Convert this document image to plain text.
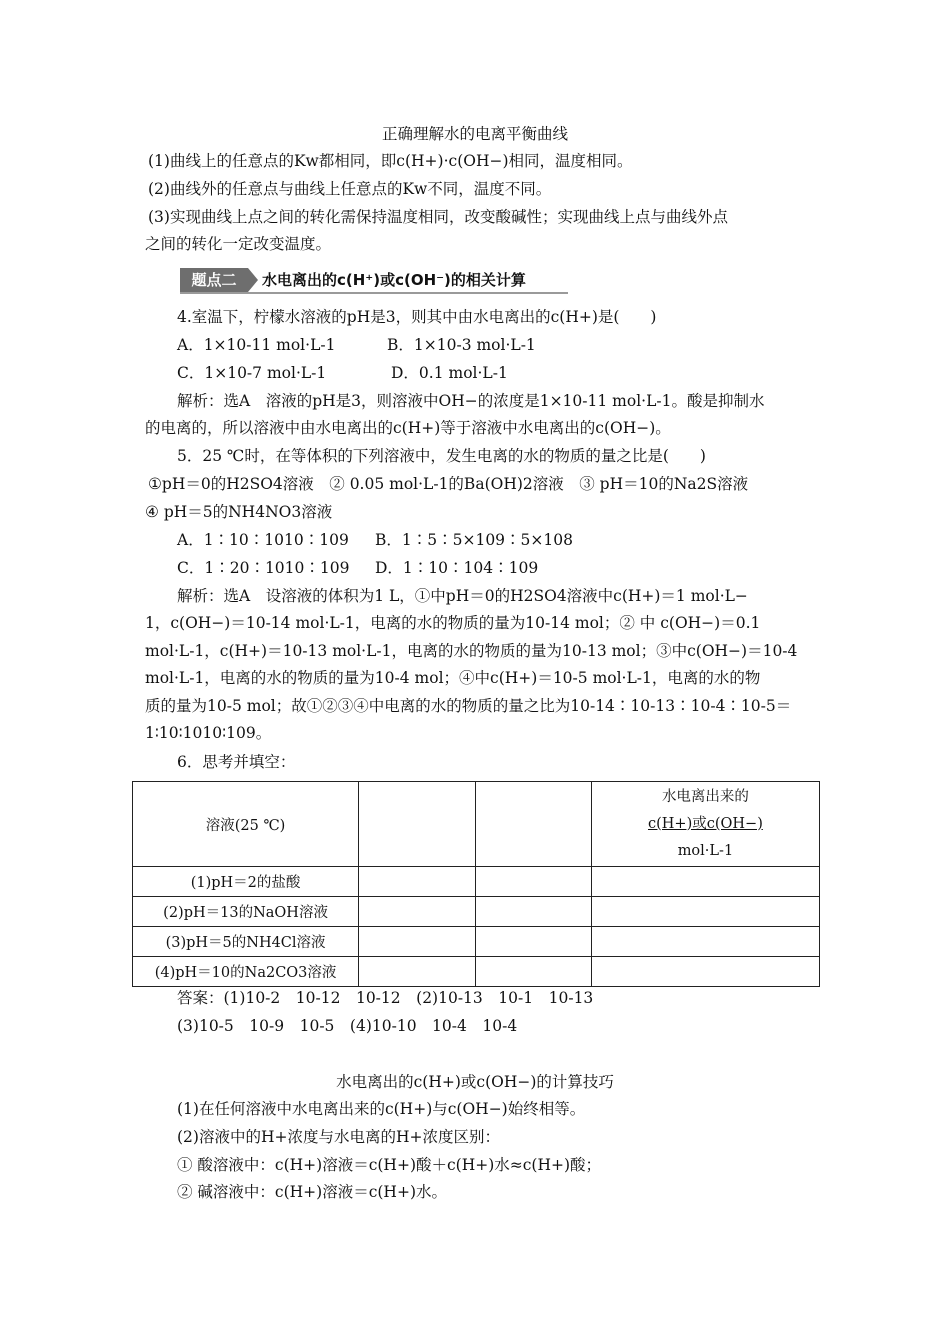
正确理解水的电离平衡曲线
(1)曲线上的任意点的Kw都相同，即c(H+)·c(OH−)相同，温度相同。
(2)曲线外的任意点与曲线上任意点的Kw不同，温度不同。
(3)实现曲线上点之间的转化需保持温度相同，改变酸碱性；实现曲线上点与曲线外点
之间的转化一定改变温度。
题点二	水电离出的c(H⁺)或c(OH⁻)的相关计算
4.室温下，柠檬水溶液的pH是3，则其中由水电离出的c(H+)是(　　)
A．1×10-11 mol·L-1	B．1×10-3 mol·L-1
C．1×10-7 mol·L-1	D．0.1 mol·L-1
解析：选A　溶液的pH是3，则溶液中OH−的浓度是1×10-11 mol·L-1。酸是抑制水
的电离的，所以溶液中由水电离出的c(H+)等于溶液中水电离出的c(OH−)。
5．25 ℃时，在等体积的下列溶液中，发生电离的水的物质的量之比是(　　)
①pH＝0的H2SO4溶液　② 0.05 mol·L-1的Ba(OH)2溶液　③ pH＝10的Na2S溶液
④ pH＝5的NH4NO3溶液
A．1∶10∶1010∶109 B．1∶5∶5×109∶5×108
C．1∶20∶1010∶109 D．1∶10∶104∶109
解析：选A　设溶液的体积为1 L，①中pH＝0的H2SO4溶液中c(H+)＝1 mol·L−
1，c(OH−)＝10-14 mol·L-1，电离的水的物质的量为10-14 mol；② 中 c(OH−)＝0.1
mol·L-1，c(H+)＝10-13 mol·L-1，电离的水的物质的量为10-13 mol；③中c(OH−)＝10-4
mol·L-1，电离的水的物质的量为10-4 mol；④中c(H+)＝10-5 mol·L-1，电离的水的物
质的量为10-5 mol；故①②③④中电离的水的物质的量之比为10-14∶10-13∶10-4∶10-5＝
1∶10∶1010∶109。
6．思考并填空：
溶液(25 ℃)			水电离出来的
c(H+)或c(OH−)
mol·L-1

(1)pH＝2的盐酸			
(2)pH＝13的NaOH溶液			
(3)pH＝5的NH4Cl溶液			
(4)pH＝10的Na2CO3溶液			
答案：(1)10-2　10-12　10-12　(2)10-13　10-1　10-13
(3)10-5　10-9　10-5　(4)10-10　10-4　10-4
水电离出的c(H+)或c(OH−)的计算技巧
(1)在任何溶液中水电离出来的c(H+)与c(OH−)始终相等。
(2)溶液中的H+浓度与水电离的H+浓度区别：
① 酸溶液中：c(H+)溶液＝c(H+)酸＋c(H+)水≈c(H+)酸；
② 碱溶液中：c(H+)溶液＝c(H+)水。
